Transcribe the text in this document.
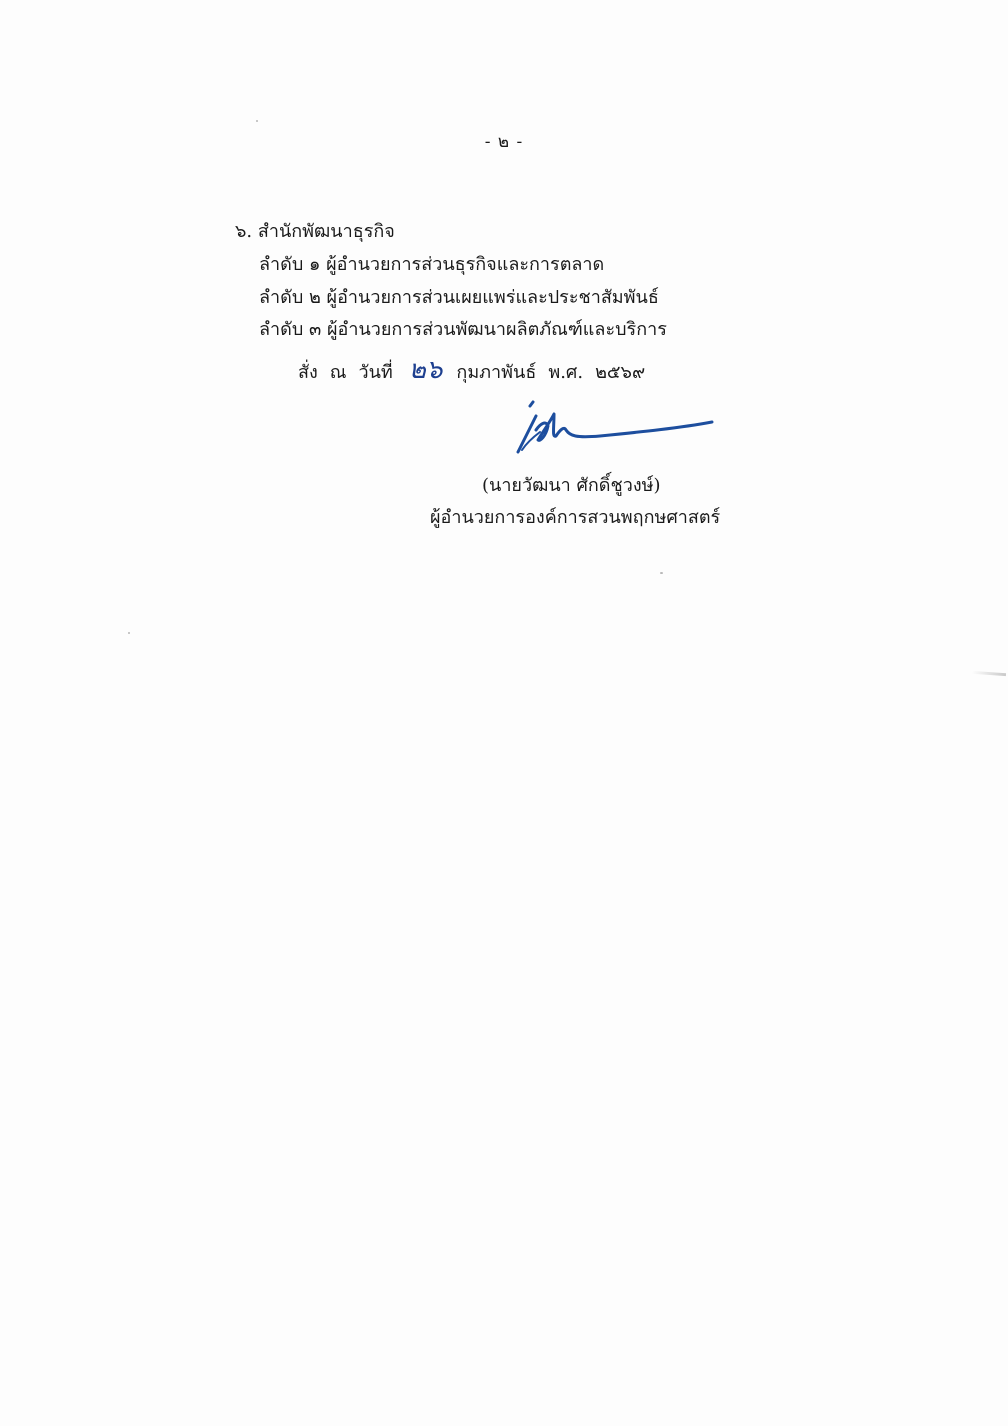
- ๒ -
๖. สำนักพัฒนาธุรกิจ
ลำดับ ๑ ผู้อำนวยการส่วนธุรกิจและการตลาด
ลำดับ ๒ ผู้อำนวยการส่วนเผยแพร่และประชาสัมพันธ์
ลำดับ ๓ ผู้อำนวยการส่วนพัฒนาผลิตภัณฑ์และบริการ
สั่ง ณ วันที่ ๒๖ กุมภาพันธ์ พ.ศ. ๒๕๖๙
(นายวัฒนา ศักดิ์ชูวงษ์)
ผู้อำนวยการองค์การสวนพฤกษศาสตร์
